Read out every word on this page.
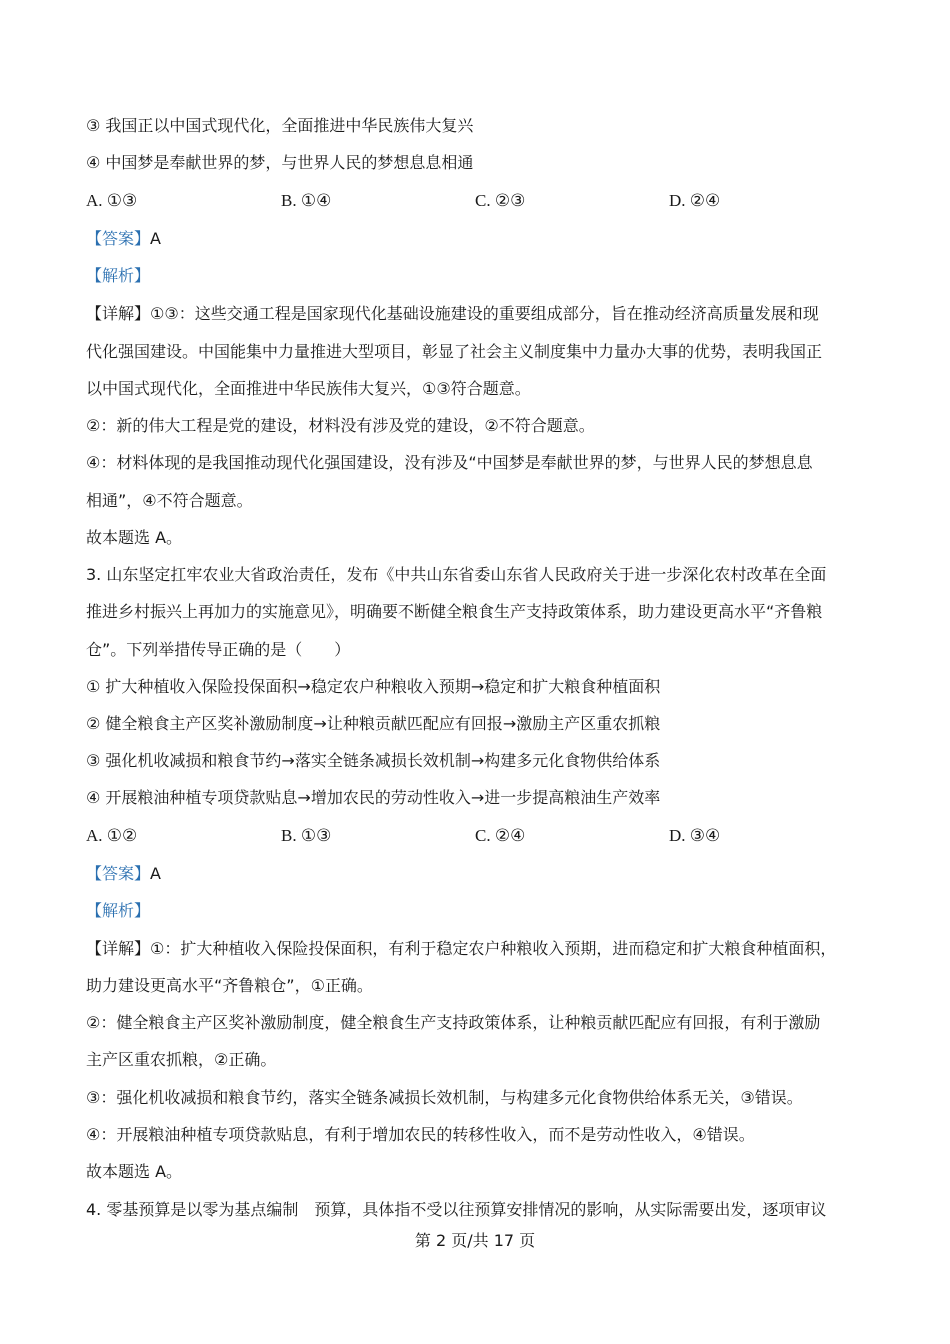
③ 我国正以中国式现代化，全面推进中华民族伟大复兴
④ 中国梦是奉献世界的梦，与世界人民的梦想息息相通
A. ①③	B. ①④	C. ②③	D. ②④
【答案】A
【解析】
【详解】①③：这些交通工程是国家现代化基础设施建设的重要组成部分，旨在推动经济高质量发展和现
代化强国建设。中国能集中力量推进大型项目，彰显了社会主义制度集中力量办大事的优势，表明我国正
以中国式现代化，全面推进中华民族伟大复兴，①③符合题意。
②：新的伟大工程是党的建设，材料没有涉及党的建设，②不符合题意。
④：材料体现的是我国推动现代化强国建设，没有涉及“中国梦是奉献世界的梦，与世界人民的梦想息息
相通”，④不符合题意。
故本题选 A。
3. 山东坚定扛牢农业大省政治责任，发布《中共山东省委山东省人民政府关于进一步深化农村改革在全面
推进乡村振兴上再加力的实施意见》，明确要不断健全粮食生产支持政策体系，助力建设更高水平“齐鲁粮
仓”。下列举措传导正确的是（　　）
① 扩大种植收入保险投保面积→稳定农户种粮收入预期→稳定和扩大粮食种植面积
② 健全粮食主产区奖补激励制度→让种粮贡献匹配应有回报→激励主产区重农抓粮
③ 强化机收减损和粮食节约→落实全链条减损长效机制→构建多元化食物供给体系
④ 开展粮油种植专项贷款贴息→增加农民的劳动性收入→进一步提高粮油生产效率
A. ①②	B. ①③	C. ②④	D. ③④
【答案】A
【解析】
【详解】①：扩大种植收入保险投保面积，有利于稳定农户种粮收入预期，进而稳定和扩大粮食种植面积，
助力建设更高水平“齐鲁粮仓”，①正确。
②：健全粮食主产区奖补激励制度，健全粮食生产支持政策体系，让种粮贡献匹配应有回报，有利于激励
主产区重农抓粮，②正确。
③：强化机收减损和粮食节约，落实全链条减损长效机制，与构建多元化食物供给体系无关，③错误。
④：开展粮油种植专项贷款贴息，有利于增加农民的转移性收入，而不是劳动性收入，④错误。
故本题选 A。
4. 零基预算是以零为基点编制　预算，具体指不受以往预算安排情况的影响，从实际需要出发，逐项审议
第 2 页/共 17 页
